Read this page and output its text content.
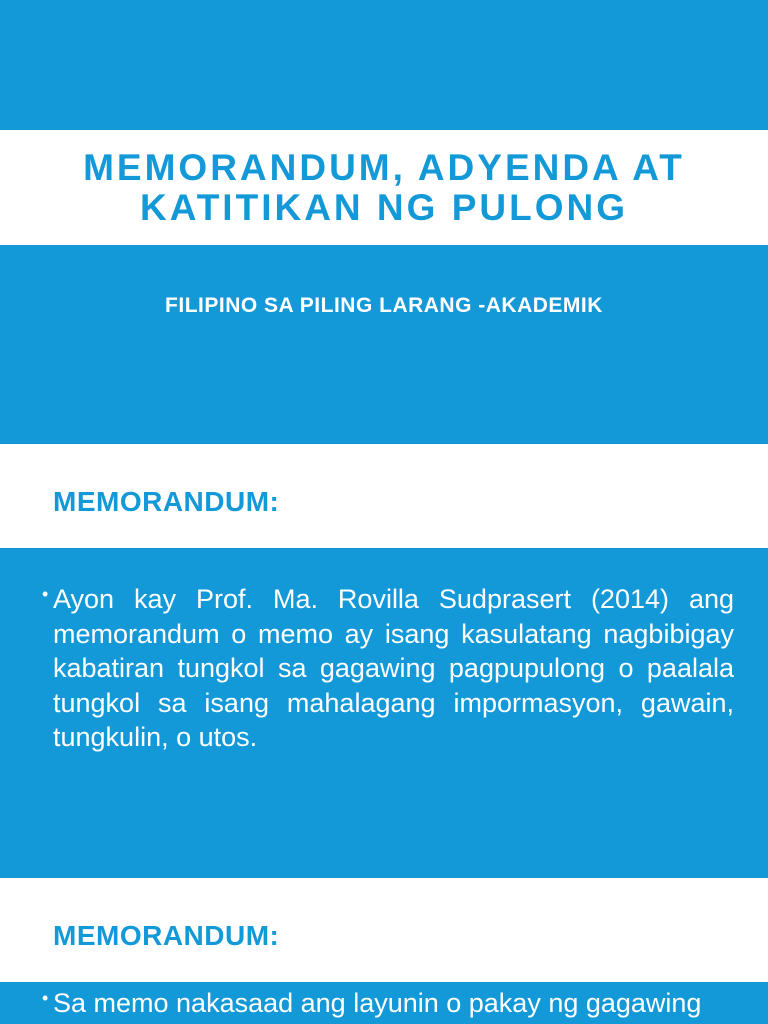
MEMORANDUM, ADYENDA AT KATITIKAN NG PULONG
FILIPINO SA PILING LARANG -AKADEMIK
MEMORANDUM:
• Ayon kay Prof. Ma. Rovilla Sudprasert (2014) ang memorandum o memo ay isang kasulatang nagbibigay kabatiran tungkol sa gagawing pagpupulong o paalala tungkol sa isang mahalagang impormasyon, gawain, tungkulin, o utos.
MEMORANDUM:
• Sa memo nakasaad ang layunin o pakay ng gagawing
